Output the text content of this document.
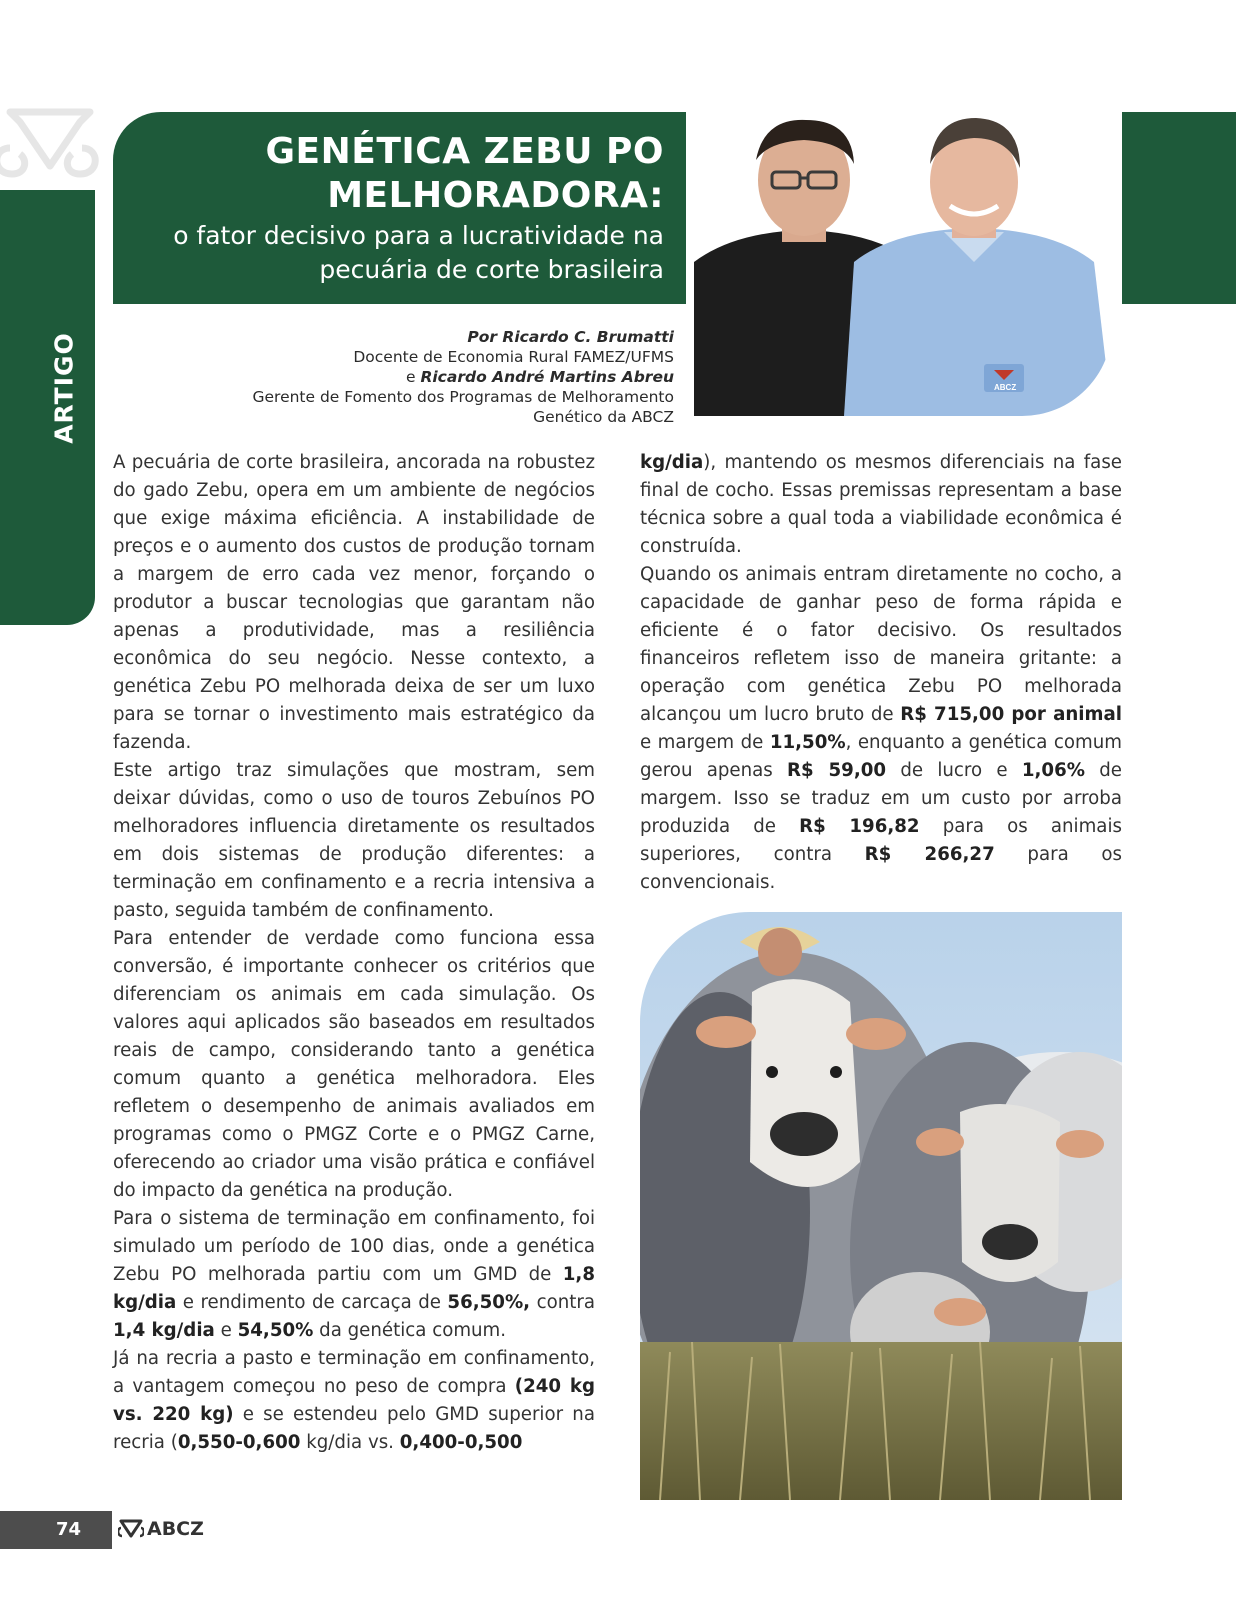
ARTIGO
GENÉTICA ZEBU PO
MELHORADORA:
o fator decisivo para a lucratividade na
pecuária de corte brasileira
ABCZ
Por Ricardo C. Brumatti
Docente de Economia Rural FAMEZ/UFMS
e Ricardo André Martins Abreu
Gerente de Fomento dos Programas de Melhoramento
Genético da ABCZ

A pecuária de corte brasileira, ancorada na robustez do gado Zebu, opera em um ambiente de negócios que exige máxima eficiência. A instabilidade de preços e o aumento dos custos de produção tornam a margem de erro cada vez menor, forçando o produtor a buscar tecnologias que garantam não apenas a produtividade, mas a resiliência econômica do seu negócio. Nesse contexto, a genética Zebu PO melhorada deixa de ser um luxo para se tornar o investimento mais estratégico da fazenda.

Este artigo traz simulações que mostram, sem deixar dúvidas, como o uso de touros Zebuínos PO melhoradores influencia diretamente os resultados em dois sistemas de produção diferentes: a terminação em confinamento e a recria intensiva a pasto, seguida também de confinamento.

Para entender de verdade como funciona essa conversão, é importante conhecer os critérios que diferenciam os animais em cada simulação. Os valores aqui aplicados são baseados em resultados reais de campo, considerando tanto a genética comum quanto a genética melhoradora. Eles refletem o desempenho de animais avaliados em programas como o PMGZ Corte e o PMGZ Carne, oferecendo ao criador uma visão prática e confiável do impacto da genética na produção.

Para o sistema de terminação em confinamento, foi simulado um período de 100 dias, onde a genética Zebu PO melhorada partiu com um GMD de 1,8 kg/dia e rendimento de carcaça de 56,50%, contra 1,4 kg/dia e 54,50% da genética comum.

Já na recria a pasto e terminação em confinamento, a vantagem começou no peso de compra (240 kg vs. 220 kg) e se estendeu pelo GMD superior na recria (0,550-0,600 kg/dia vs. 0,400-0,500

kg/dia), mantendo os mesmos diferenciais na fase final de cocho. Essas premissas representam a base técnica sobre a qual toda a viabilidade econômica é construída.

Quando os animais entram diretamente no cocho, a capacidade de ganhar peso de forma rápida e eficiente é o fator decisivo. Os resultados financeiros refletem isso de maneira gritante: a operação com genética Zebu PO melhorada alcançou um lucro bruto de R$ 715,00 por animal e margem de 11,50%, enquanto a genética comum gerou apenas R$ 59,00 de lucro e 1,06% de margem. Isso se traduz em um custo por arroba produzida de R$ 196,82 para os animais superiores, contra R$ 266,27 para os convencionais.

74	ABCZ
